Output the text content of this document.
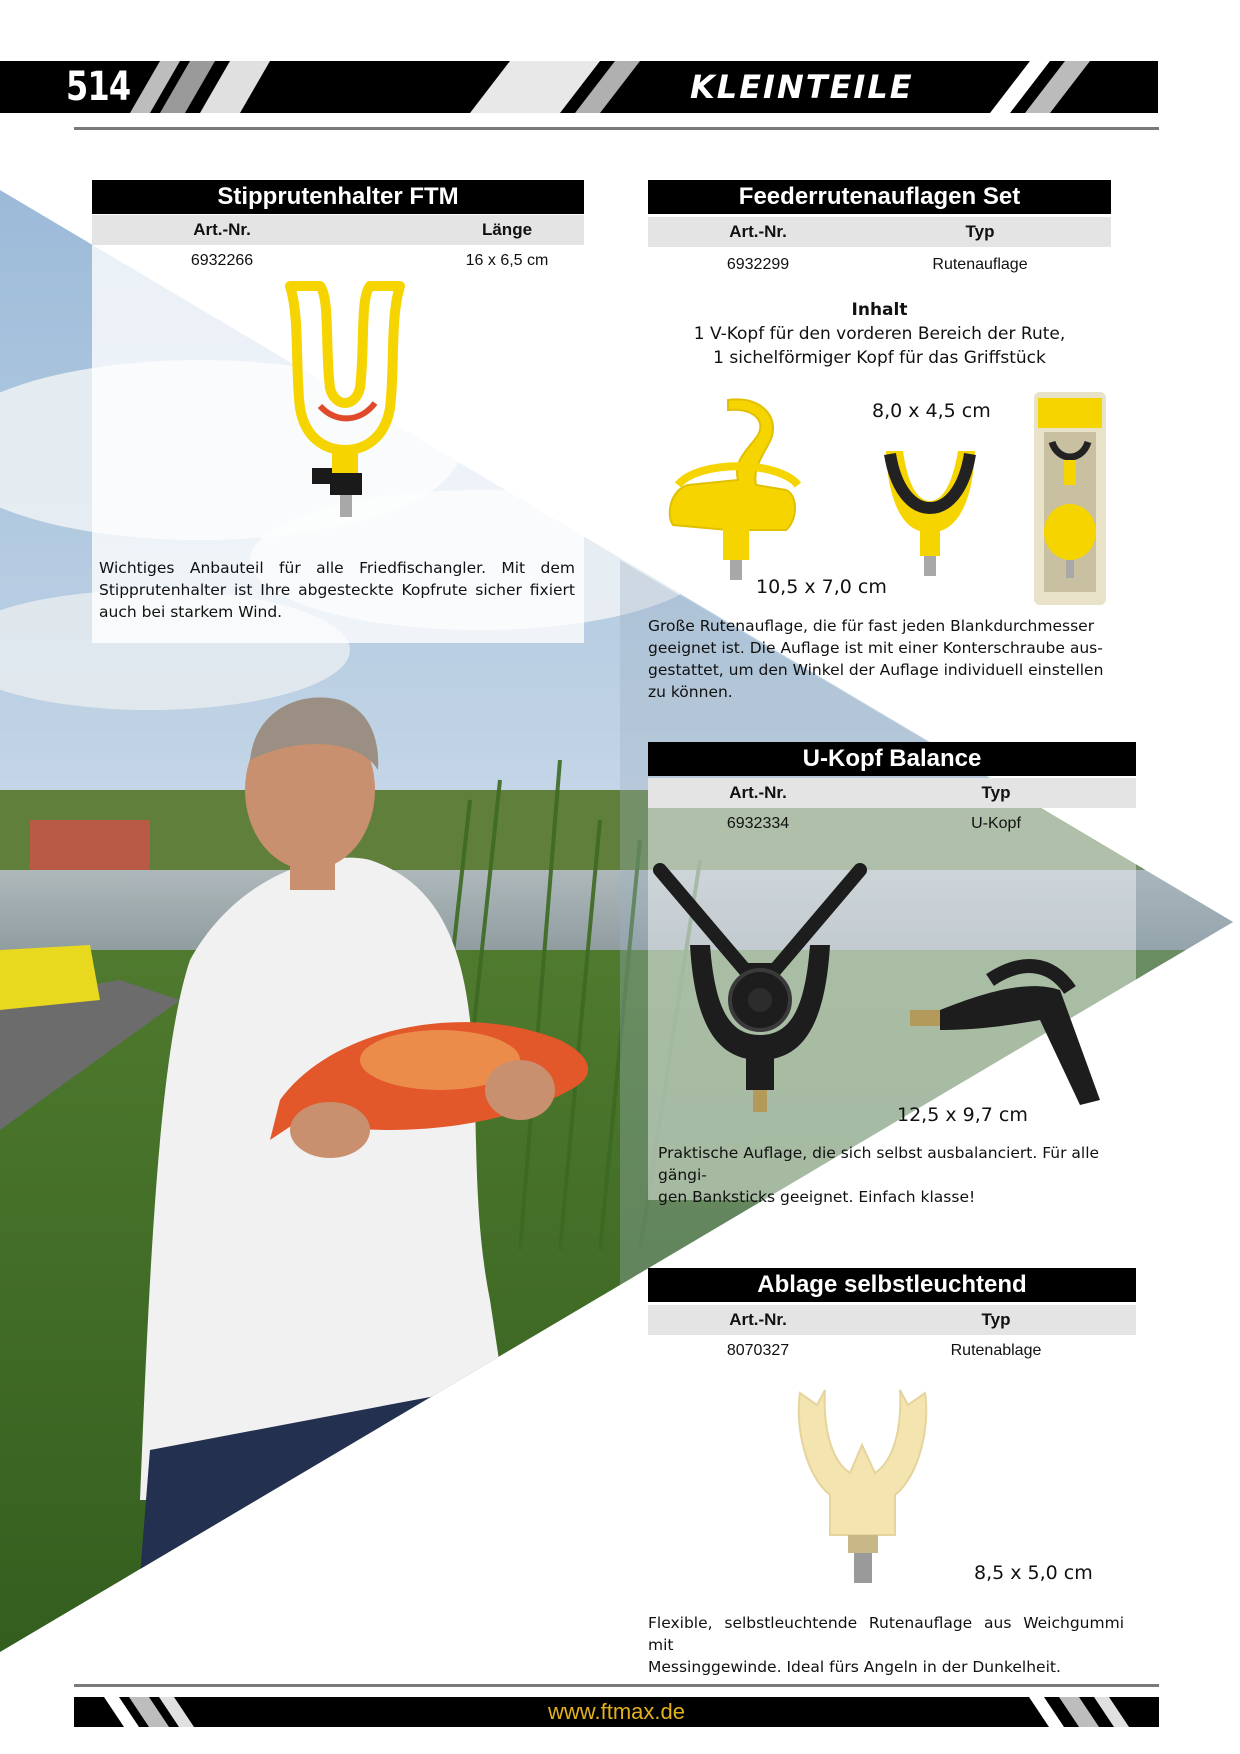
514	KLEINTEILE
Stipprutenhalter FTM
Art.-Nr.	Länge
6932266	16 x 6,5 cm
Wichtiges Anbauteil für alle Friedfischangler. Mit dem Stipprutenhalter ist Ihre abgesteckte Kopfrute sicher fixiert auch bei starkem Wind.
Feederrutenauflagen Set
Art.-Nr.	Typ
6932299	Rutenauflage
Inhalt
1 V-Kopf für den vorderen Bereich der Rute,
1 sichelförmiger Kopf für das Griffstück
8,0 x 4,5 cm
10,5 x 7,0 cm
Große Rutenauflage, die für fast jeden Blankdurchmesser
geeignet ist. Die Auflage ist mit einer Konterschraube aus-
gestattet, um den Winkel der Auflage individuell einstellen
zu können.
U-Kopf Balance
Art.-Nr.	Typ
6932334	U-Kopf
12,5 x 9,7 cm
Praktische Auflage, die sich selbst ausbalanciert. Für alle gängi-
gen Banksticks geeignet. Einfach klasse!
Ablage selbstleuchtend
Art.-Nr.	Typ
8070327	Rutenablage
8,5 x 5,0 cm
Flexible, selbstleuchtende Rutenauflage aus Weichgummi mit
Messinggewinde. Ideal fürs Angeln in der Dunkelheit.
www.ftmax.de
